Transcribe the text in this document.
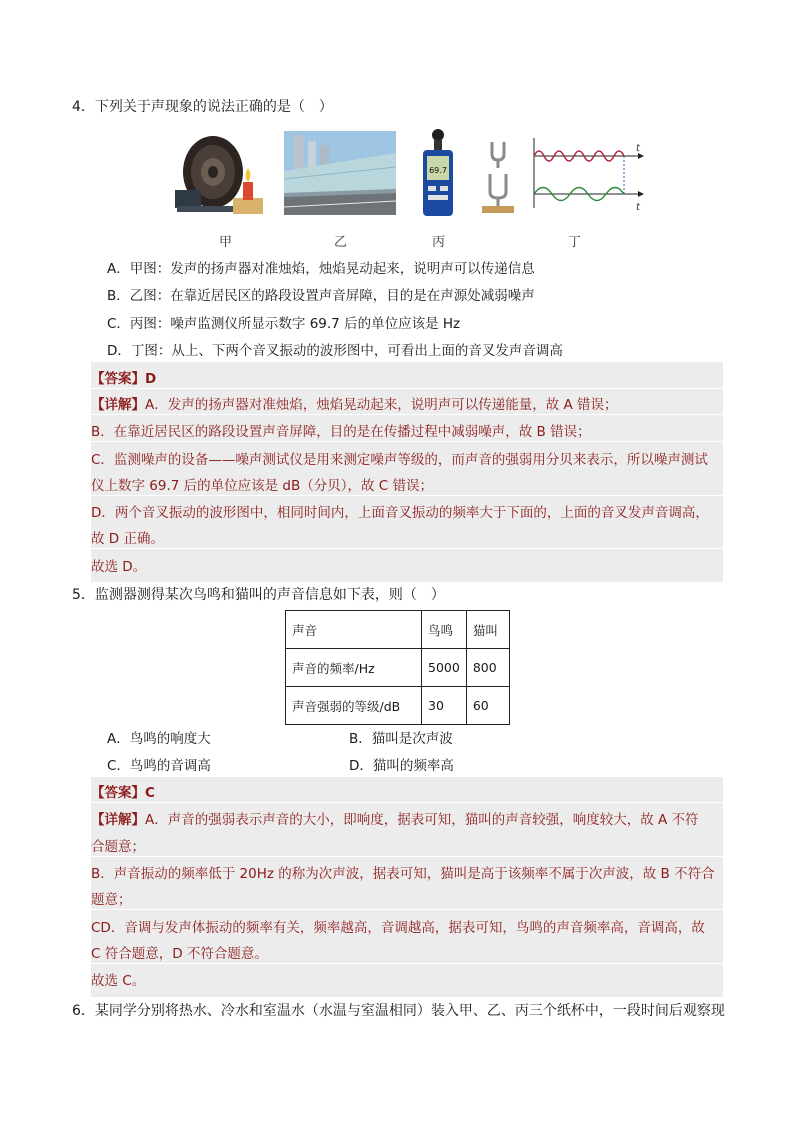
4．下列关于声现象的说法正确的是（　）
69.7
t
t
甲	乙	丙	丁
A．甲图：发声的扬声器对准烛焰，烛焰晃动起来，说明声可以传递信息
B．乙图：在靠近居民区的路段设置声音屏障，目的是在声源处减弱噪声
C．丙图：噪声监测仪所显示数字 69.7 后的单位应该是 Hz
D．丁图：从上、下两个音叉振动的波形图中，可看出上面的音叉发声音调高
【答案】D
【详解】A．发声的扬声器对准烛焰，烛焰晃动起来，说明声可以传递能量，故 A 错误；
B．在靠近居民区的路段设置声音屏障，目的是在传播过程中减弱噪声，故 B 错误；
C．监测噪声的设备——噪声测试仪是用来测定噪声等级的，而声音的强弱用分贝来表示，所以噪声测试
仪上数字 69.7 后的单位应该是 dB（分贝），故 C 错误；
D．两个音叉振动的波形图中，相同时间内，上面音叉振动的频率大于下面的，上面的音叉发声音调高，
故 D 正确。
故选 D。
5．监测器测得某次鸟鸣和猫叫的声音信息如下表，则（　）
声音	鸟鸣	猫叫
声音的频率/Hz	5000	800
声音强弱的等级/dB	30	60
A．鸟鸣的响度大	B．猫叫是次声波
C．鸟鸣的音调高	D．猫叫的频率高
【答案】C
【详解】A．声音的强弱表示声音的大小，即响度，据表可知，猫叫的声音较强，响度较大，故 A 不符
合题意；
B．声音振动的频率低于 20Hz 的称为次声波，据表可知，猫叫是高于该频率不属于次声波，故 B 不符合
题意；
CD．音调与发声体振动的频率有关，频率越高，音调越高，据表可知，鸟鸣的声音频率高，音调高，故
C 符合题意，D 不符合题意。
故选 C。
6．某同学分别将热水、冷水和室温水（水温与室温相同）装入甲、乙、丙三个纸杯中，一段时间后观察现
